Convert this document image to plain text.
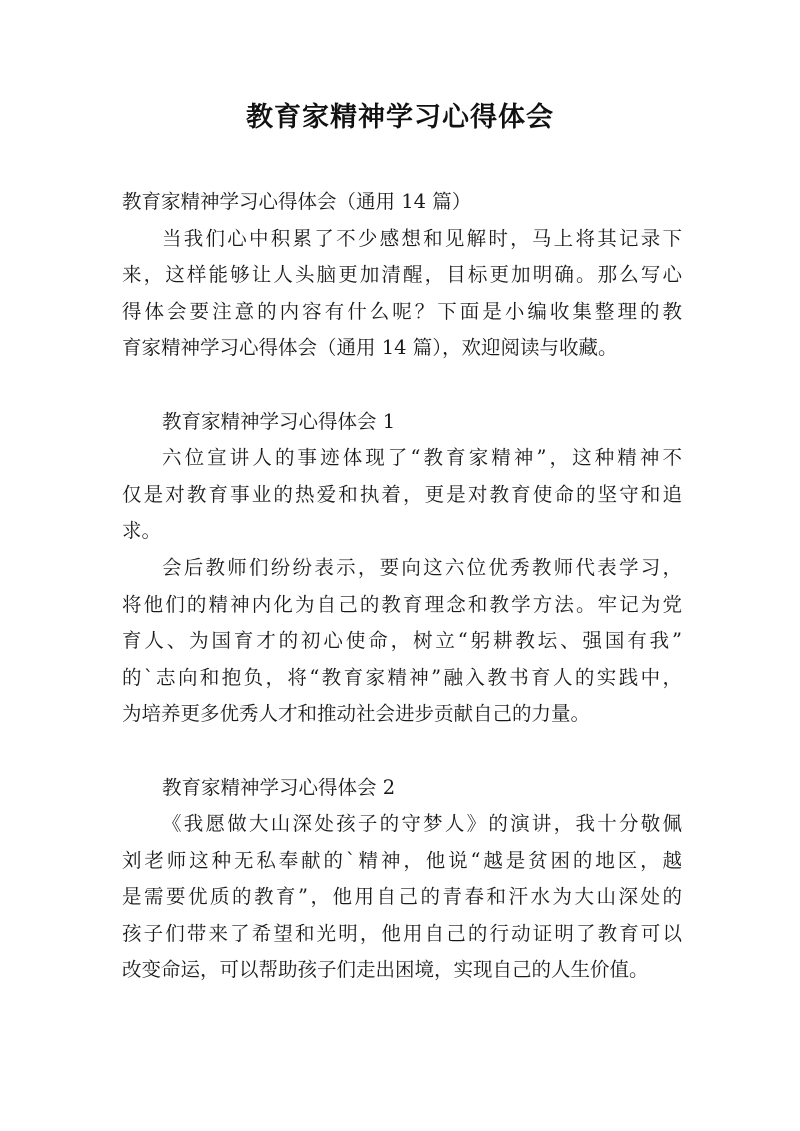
教育家精神学习心得体会
教育家精神学习心得体会（通用 14 篇）
当我们心中积累了不少感想和见解时，马上将其记录下
来，这样能够让人头脑更加清醒，目标更加明确。那么写心
得体会要注意的内容有什么呢？下面是小编收集整理的教
育家精神学习心得体会（通用 14 篇），欢迎阅读与收藏。
教育家精神学习心得体会 1
六位宣讲人的事迹体现了“教育家精神”，这种精神不
仅是对教育事业的热爱和执着，更是对教育使命的坚守和追
求。
会后教师们纷纷表示，要向这六位优秀教师代表学习，
将他们的精神内化为自己的教育理念和教学方法。牢记为党
育人、为国育才的初心使命，树立“躬耕教坛、强国有我”
的`志向和抱负，将“教育家精神”融入教书育人的实践中，
为培养更多优秀人才和推动社会进步贡献自己的力量。
教育家精神学习心得体会 2
《我愿做大山深处孩子的守梦人》的演讲，我十分敬佩
刘老师这种无私奉献的`精神，他说“越是贫困的地区，越
是需要优质的教育”，他用自己的青春和汗水为大山深处的
孩子们带来了希望和光明，他用自己的行动证明了教育可以
改变命运，可以帮助孩子们走出困境，实现自己的人生价值。
